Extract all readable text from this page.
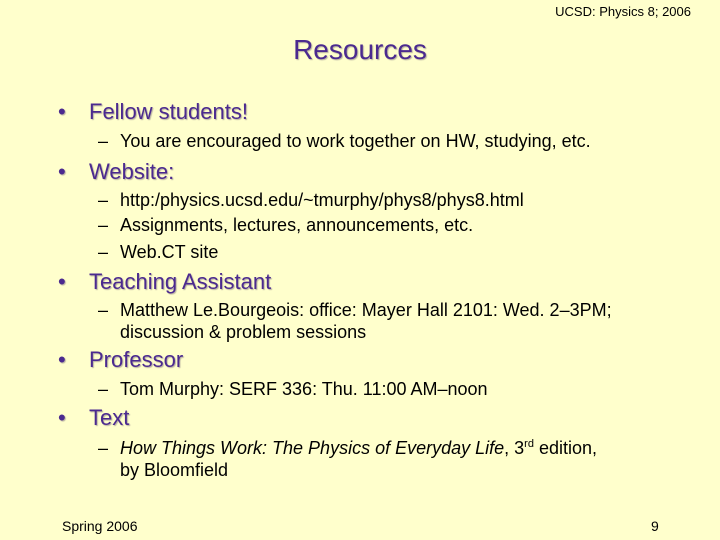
UCSD: Physics 8; 2006
Resources
•	Fellow students!
– You are encouraged to work together on HW, studying, etc.
•	Website:
– http:/physics.ucsd.edu/~tmurphy/phys8/phys8.html
– Assignments, lectures, announcements, etc.
– Web.CT site
•	Teaching Assistant
– Matthew Le.Bourgeois: office: Mayer Hall 2101: Wed. 2–3PM; discussion & problem sessions
•	Professor
– Tom Murphy: SERF 336: Thu. 11:00 AM–noon
•	Text
– How Things Work: The Physics of Everyday Life, 3rd edition,
by Bloomfield
Spring 2006	9
